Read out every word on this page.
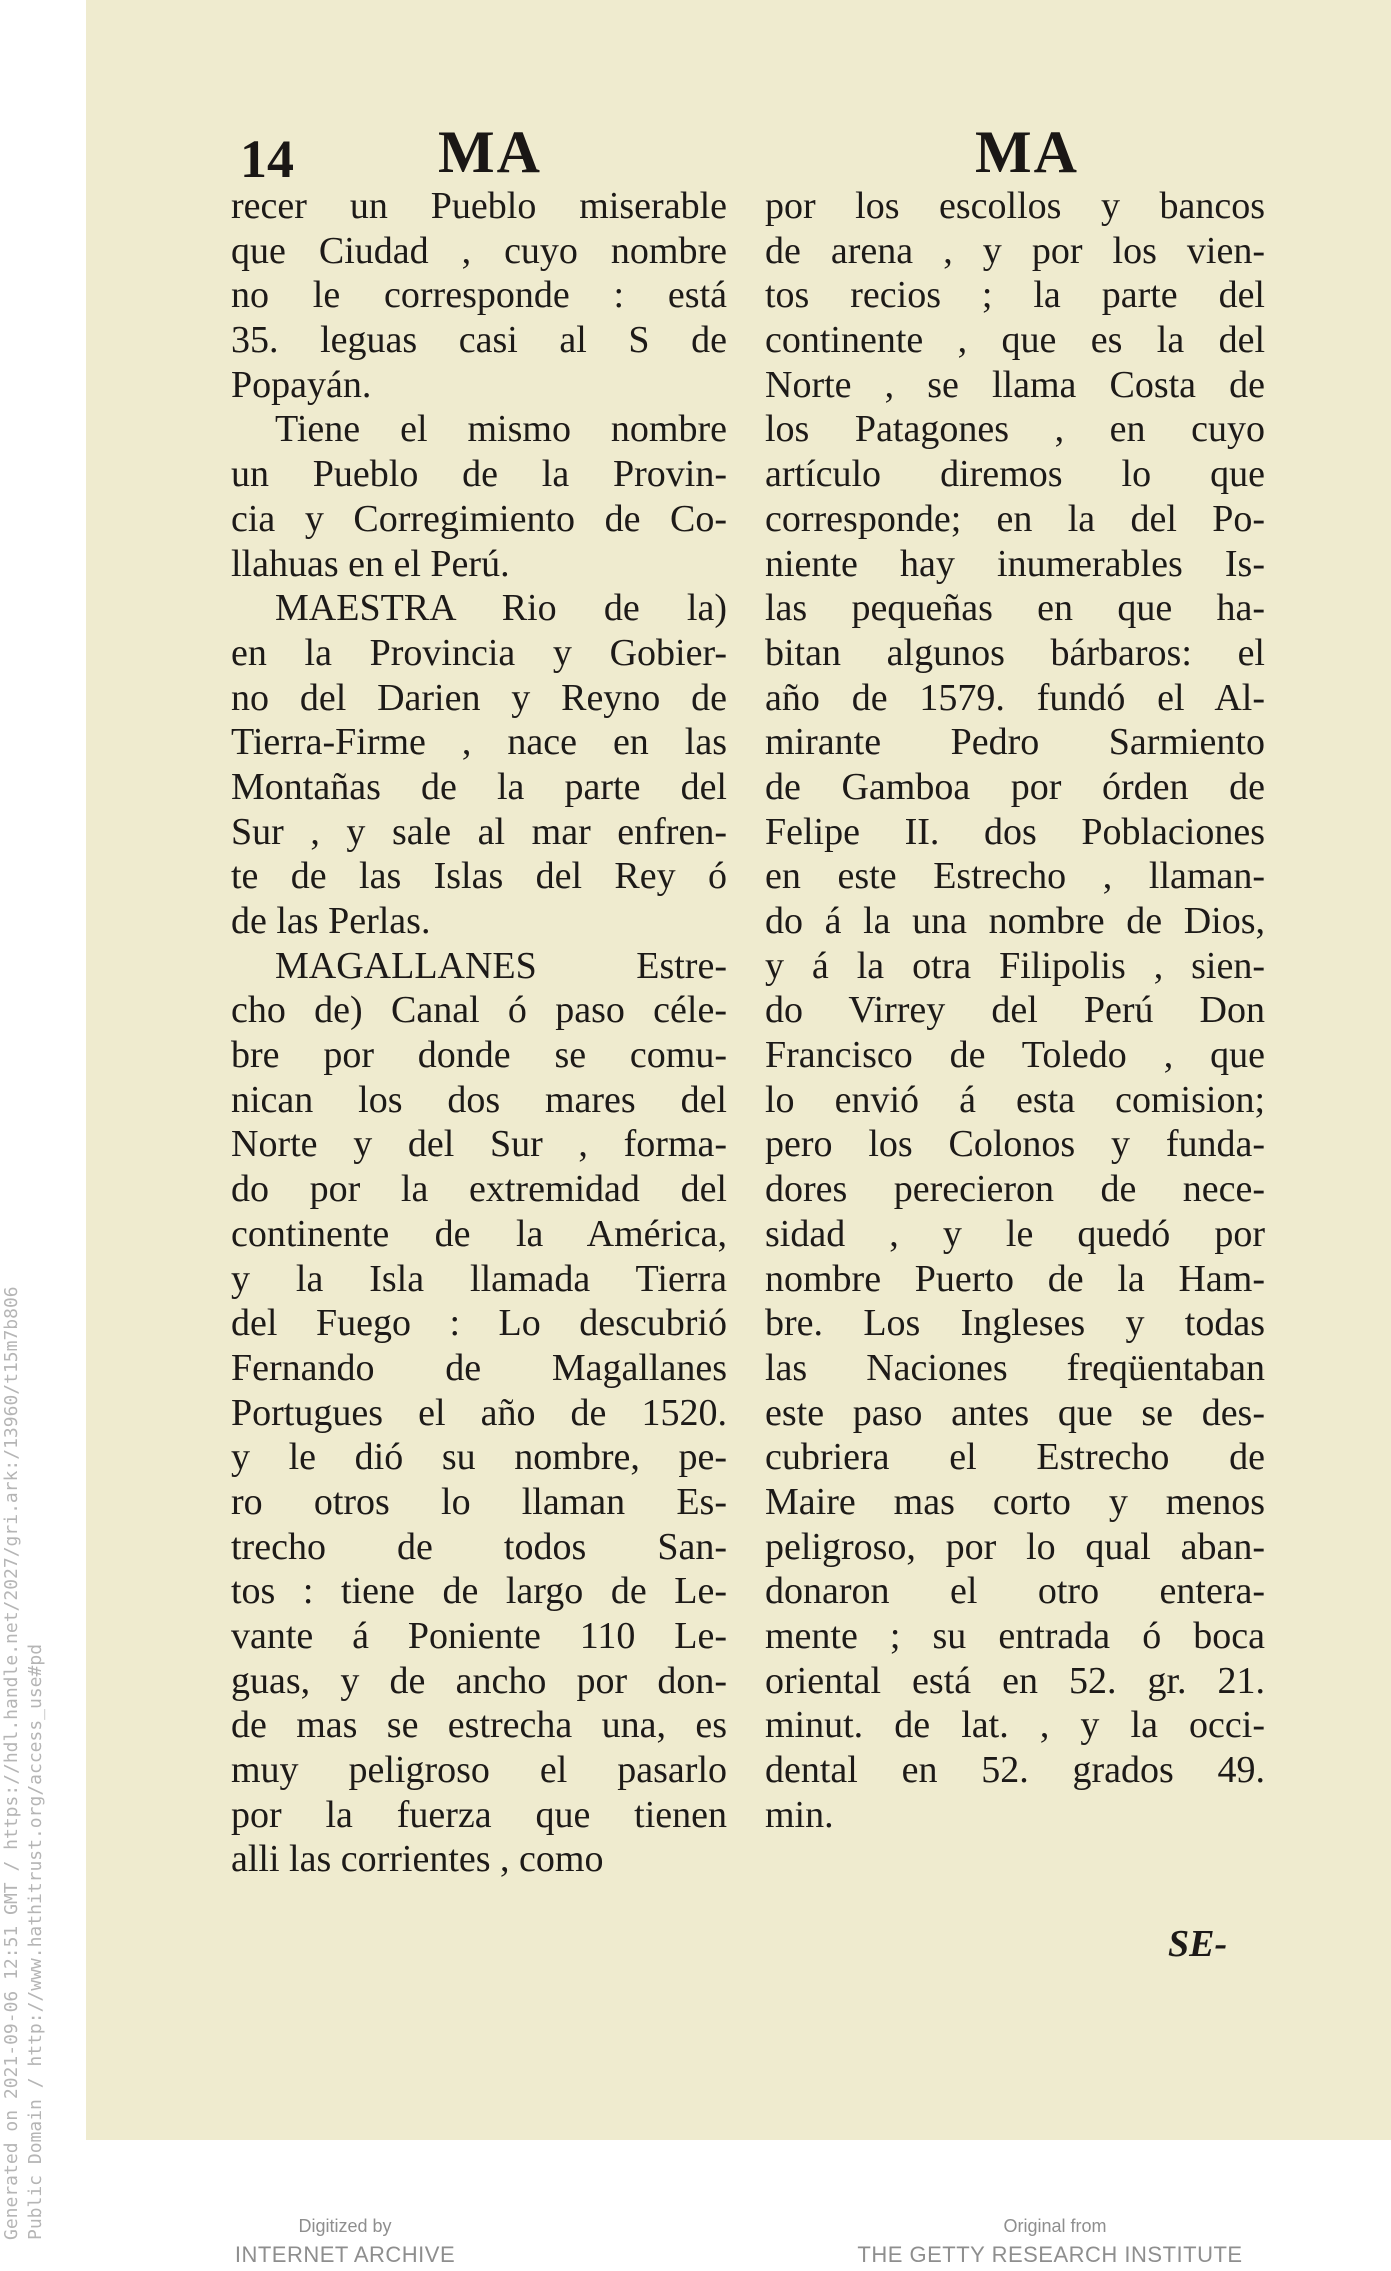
Generated on 2021-09-06 12:51 GMT / https://hdl.handle.net/2027/gri.ark:/13960/t15m7b806 Public Domain / http://www.hathitrust.org/access_use#pd
14 MA	MA
recer un Pueblo miserable
que Ciudad , cuyo nombre
no le corresponde : está
35. leguas casi al S de
Popayán.
Tiene el mismo nombre
un Pueblo de la Provin-
cia y Corregimiento de Co-
llahuas en el Perú.
MAESTRA Rio de la)
en la Provincia y Gobier-
no del Darien y Reyno de
Tierra-Firme , nace en las
Montañas de la parte del
Sur , y sale al mar enfren-
te de las Islas del Rey ó
de las Perlas.
MAGALLANES Estre-
cho de) Canal ó paso céle-
bre por donde se comu-
nican los dos mares del
Norte y del Sur , forma-
do por la extremidad del
continente de la América,
y la Isla llamada Tierra
del Fuego : Lo descubrió
Fernando de Magallanes
Portugues el año de 1520.
y le dió su nombre, pe-
ro otros lo llaman Es-
trecho de todos San-
tos : tiene de largo de Le-
vante á Poniente 110 Le-
guas, y de ancho por don-
de mas se estrecha una, es
muy peligroso el pasarlo
por la fuerza que tienen
alli las corrientes , como
por los escollos y bancos
de arena , y por los vien-
tos recios ; la parte del
continente , que es la del
Norte , se llama Costa de
los Patagones , en cuyo
artículo diremos lo que
corresponde; en la del Po-
niente hay inumerables Is-
las pequeñas en que ha-
bitan algunos bárbaros: el
año de 1579. fundó el Al-
mirante Pedro Sarmiento
de Gamboa por órden de
Felipe II. dos Poblaciones
en este Estrecho , llaman-
do á la una nombre de Dios,
y á la otra Filipolis , sien-
do Virrey del Perú Don
Francisco de Toledo , que
lo envió á esta comision;
pero los Colonos y funda-
dores perecieron de nece-
sidad , y le quedó por
nombre Puerto de la Ham-
bre. Los Ingleses y todas
las Naciones freqüentaban
este paso antes que se des-
cubriera el Estrecho de
Maire mas corto y menos
peligroso, por lo qual aban-
donaron el otro entera-
mente ; su entrada ó boca
oriental está en 52. gr. 21.
minut. de lat. , y la occi-
dental en 52. grados 49.
min.
SE-
Digitized by
INTERNET ARCHIVE
Original from
THE GETTY RESEARCH INSTITUTE
